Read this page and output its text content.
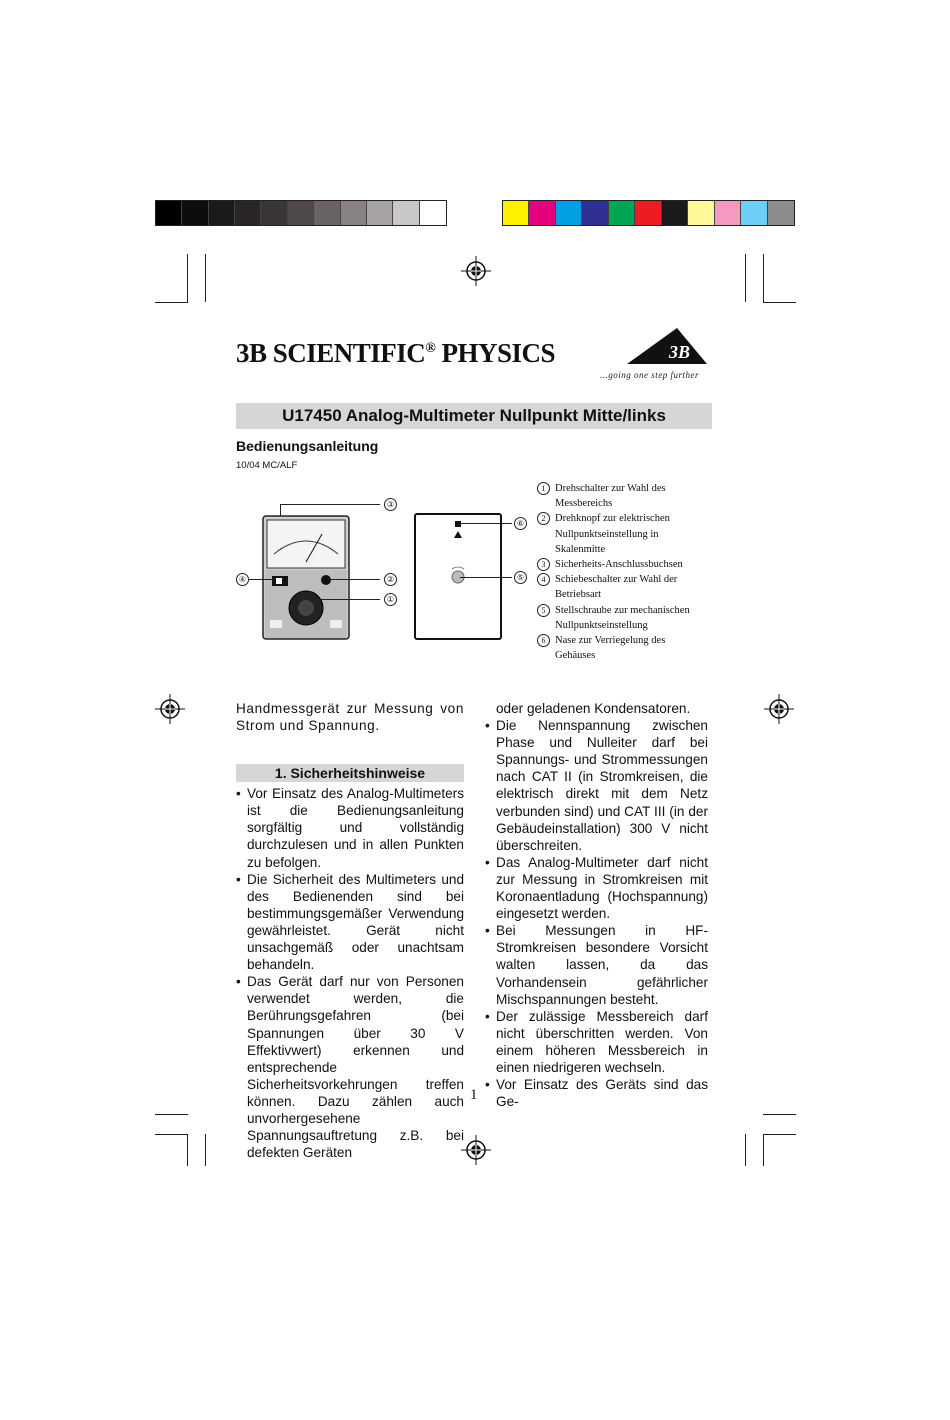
3B SCIENTIFIC® PHYSICS	3B
...going one step further
U17450 Analog-Multimeter Nullpunkt Mitte/links
Bedienungsanleitung
10/04 MC/ALF
③
⑥
④	②	⑤
①
1 Drehschalter zur Wahl des Messbereichs
2 Drehknopf zur elektrischen Nullpunktseinstellung in Skalenmitte
3 Sicherheits-Anschlussbuchsen
4 Schiebeschalter zur Wahl der Betriebsart
5 Stellschraube zur mechanischen Nullpunktseinstellung
6 Nase zur Verriegelung des Gehäuses

Handmessgerät zur Messung von Strom und Spannung.

1. Sicherheitshinweise

• Vor Einsatz des Analog-Multimeters ist die Bedienungsanleitung sorgfältig und vollständig durchzulesen und in allen Punkten zu befolgen.

• Die Sicherheit des Multimeters und des Bedienenden sind bei bestimmungsgemäßer Verwendung gewährleistet. Gerät nicht unsachgemäß oder unachtsam behandeln.

• Das Gerät darf nur von Personen verwendet werden, die Berührungsgefahren (bei Spannungen über 30 V Effektivwert) erkennen und entsprechende Sicherheitsvorkehrungen treffen können. Dazu zählen auch unvorhergesehene Spannungsauftretung z.B. bei defekten Geräten

oder geladenen Kondensatoren.

• Die Nennspannung zwischen Phase und Nulleiter darf bei Spannungs- und Strommessungen nach CAT II (in Stromkreisen, die elektrisch direkt mit dem Netz verbunden sind) und CAT III (in der Gebäudeinstallation) 300 V nicht überschreiten.

• Das Analog-Multimeter darf nicht zur Messung in Stromkreisen mit Koronaentladung (Hochspannung) eingesetzt werden.

• Bei Messungen in HF-Stromkreisen besondere Vorsicht walten lassen, da das Vorhandensein gefährlicher Mischspannungen besteht.

• Der zulässige Messbereich darf nicht überschritten werden. Von einem höheren Messbereich in einen niedrigeren wechseln.

• Vor Einsatz des Geräts sind das Ge-

1
